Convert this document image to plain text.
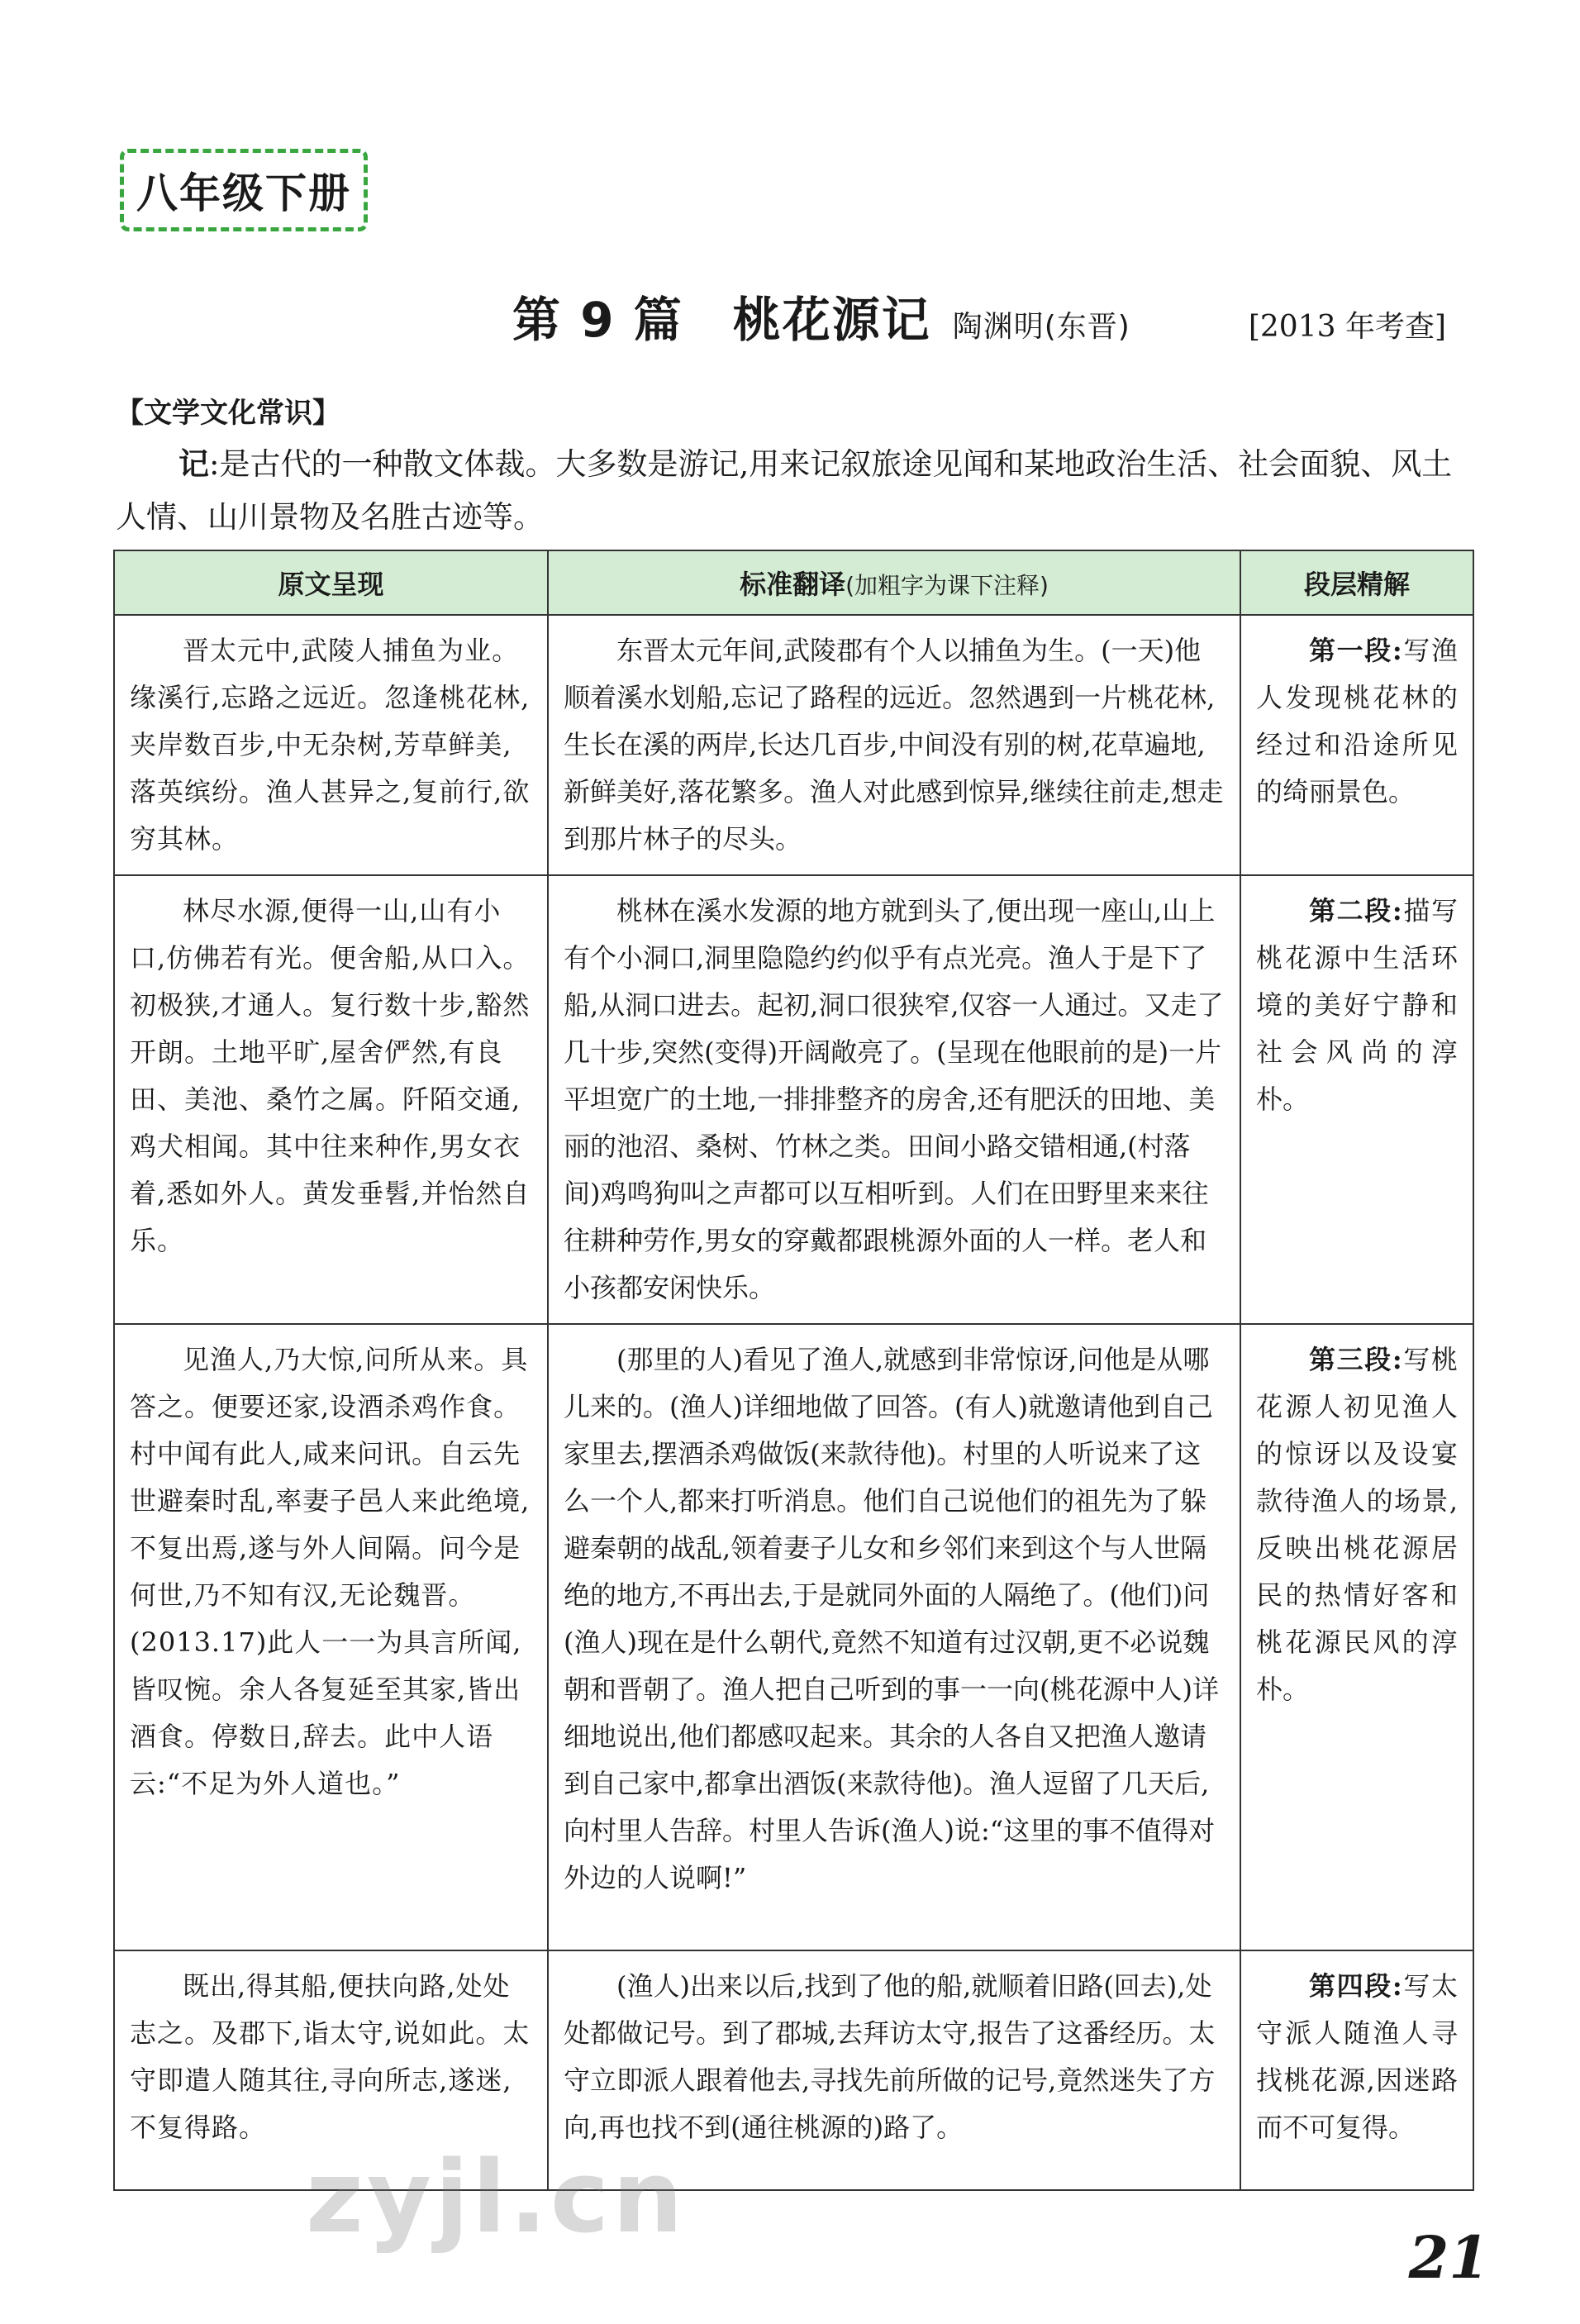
八年级下册
第 9 篇 桃花源记 陶渊明(东晋)	[2013 年考查]
【文学文化常识】
记:是古代的一种散文体裁。大多数是游记,用来记叙旅途见闻和某地政治生活、社会面貌、风土人情、山川景物及名胜古迹等。
原文呈现	标准翻译(加粗字为课下注释)	段层精解
晋太元中,武陵人捕鱼为业。缘溪行,忘路之远近。忽逢桃花林,夹岸数百步,中无杂树,芳草鲜美,落英缤纷。渔人甚异之,复前行,欲穷其林。	东晋太元年间,武陵郡有个人以捕鱼为生。(一天)他顺着溪水划船,忘记了路程的远近。忽然遇到一片桃花林,生长在溪的两岸,长达几百步,中间没有别的树,花草遍地,新鲜美好,落花繁多。渔人对此感到惊异,继续往前走,想走到那片林子的尽头。	第一段:写渔人发现桃花林的经过和沿途所见的绮丽景色。
林尽水源,便得一山,山有小口,仿佛若有光。便舍船,从口入。初极狭,才通人。复行数十步,豁然开朗。土地平旷,屋舍俨然,有良田、美池、桑竹之属。阡陌交通,鸡犬相闻。其中往来种作,男女衣着,悉如外人。黄发垂髫,并怡然自乐。	桃林在溪水发源的地方就到头了,便出现一座山,山上有个小洞口,洞里隐隐约约似乎有点光亮。渔人于是下了船,从洞口进去。起初,洞口很狭窄,仅容一人通过。又走了几十步,突然(变得)开阔敞亮了。(呈现在他眼前的是)一片平坦宽广的土地,一排排整齐的房舍,还有肥沃的田地、美丽的池沼、桑树、竹林之类。田间小路交错相通,(村落间)鸡鸣狗叫之声都可以互相听到。人们在田野里来来往往耕种劳作,男女的穿戴都跟桃源外面的人一样。老人和小孩都安闲快乐。	第二段:描写桃花源中生活环境的美好宁静和社会风尚的淳朴。
见渔人,乃大惊,问所从来。具答之。便要还家,设酒杀鸡作食。村中闻有此人,咸来问讯。自云先世避秦时乱,率妻子邑人来此绝境,不复出焉,遂与外人间隔。问今是何世,乃不知有汉,无论魏晋。(2013.17)此人一一为具言所闻,皆叹惋。余人各复延至其家,皆出酒食。停数日,辞去。此中人语云:“不足为外人道也。”	(那里的人)看见了渔人,就感到非常惊讶,问他是从哪儿来的。(渔人)详细地做了回答。(有人)就邀请他到自己家里去,摆酒杀鸡做饭(来款待他)。村里的人听说来了这么一个人,都来打听消息。他们自己说他们的祖先为了躲避秦朝的战乱,领着妻子儿女和乡邻们来到这个与人世隔绝的地方,不再出去,于是就同外面的人隔绝了。(他们)问(渔人)现在是什么朝代,竟然不知道有过汉朝,更不必说魏朝和晋朝了。渔人把自己听到的事一一向(桃花源中人)详细地说出,他们都感叹起来。其余的人各自又把渔人邀请到自己家中,都拿出酒饭(来款待他)。渔人逗留了几天后,向村里人告辞。村里人告诉(渔人)说:“这里的事不值得对外边的人说啊!”	第三段:写桃花源人初见渔人的惊讶以及设宴款待渔人的场景,反映出桃花源居民的热情好客和桃花源民风的淳朴。
既出,得其船,便扶向路,处处志之。及郡下,诣太守,说如此。太守即遣人随其往,寻向所志,遂迷,不复得路。	(渔人)出来以后,找到了他的船,就顺着旧路(回去),处处都做记号。到了郡城,去拜访太守,报告了这番经历。太守立即派人跟着他去,寻找先前所做的记号,竟然迷失了方向,再也找不到(通往桃源的)路了。	第四段:写太守派人随渔人寻找桃花源,因迷路而不可复得。
zyjl.cn
21
